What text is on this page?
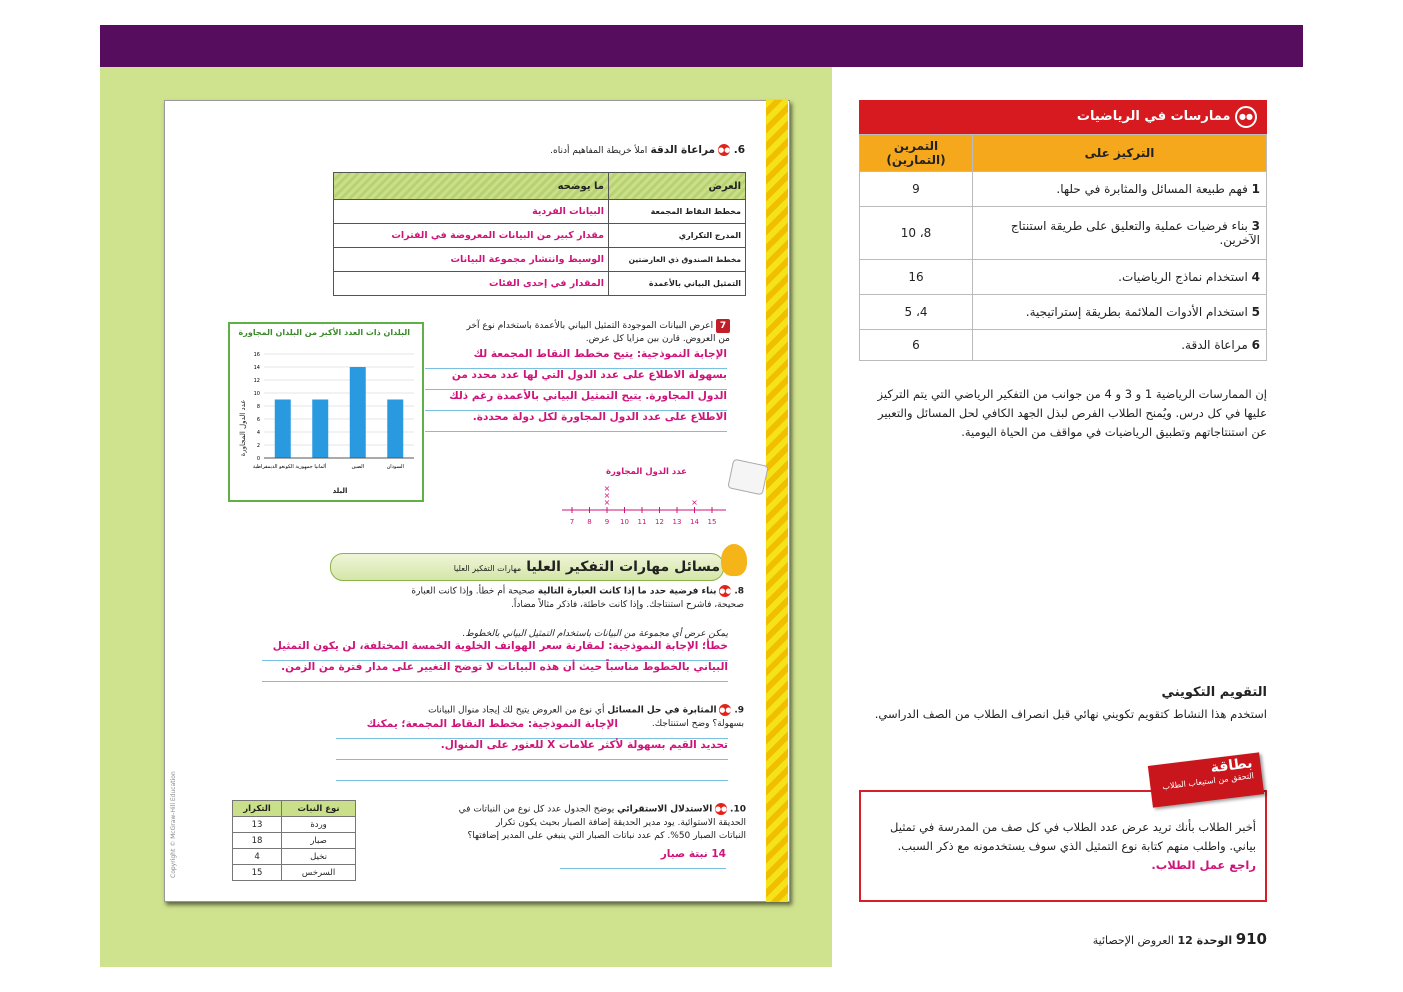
Copyright © McGraw-Hill Education
6. ●● مراعاة الدقة املأ خريطة المفاهيم أدناه.
العرض	ما يوضحه
مخطط النقاط المجمعة	البيانات الفردية
المدرج التكراري	مقدار كبير من البيانات المعروضة في الفترات
مخطط الصندوق ذي العارضتين	الوسيط وانتشار مجموعة البيانات
التمثيل البياني بالأعمدة	المقدار في إحدى الفئات
7 اعرض البيانات الموجودة التمثيل البياني بالأعمدة باستخدام نوع آخر
من العروض. قارن بين مزايا كل عرض.
الإجابة النموذجية: يتيح مخطط النقاط المجمعة لك
بسهولة الاطلاع على عدد الدول التي لها عدد محدد من
الدول المجاورة. يتيح التمثيل البياني بالأعمدة رغم ذلك
الاطلاع على عدد الدول المجاورة لكل دولة محددة.
البلدان ذات العدد الأكبر من البلدان المجاورة
0
2
4
6
8
10
12
14
16
السودان
الصين
ألمانيا
جمهورية الكونغو الديمقراطية
عدد الدول المجاورة
البلد
عدد الدول المجاورة
7 8 9 10 11 12 13 14 15
×
×
×
×
مسائل مهارات التفكير العليا مهارات التفكير العليا
8. ●● بناء فرضية حدد ما إذا كانت العبارة التالية صحيحة أم خطأ. وإذا كانت العبارة
صحيحة، فاشرح استنتاجك. وإذا كانت خاطئة، فاذكر مثالاً مضاداً.
يمكن عرض أي مجموعة من البيانات باستخدام التمثيل البياني بالخطوط.
خطأ؛ الإجابة النموذجية: لمقارنة سعر الهواتف الخلوية الخمسة المختلفة، لن يكون التمثيل
البياني بالخطوط مناسباً حيث أن هذه البيانات لا توضح التغيير على مدار فترة من الزمن.
9. ●● المثابرة في حل المسائل أي نوع من العروض يتيح لك إيجاد منوال البيانات
بسهولة؟ وضح استنتاجك.
الإجابة النموذجية: مخطط النقاط المجمعة؛ يمكنك
تحديد القيم بسهولة لأكثر علامات X للعثور على المنوال.
10. ●● الاستدلال الاستقرائي يوضح الجدول عدد كل نوع من النباتات في
الحديقة الاستوائية. يود مدير الحديقة إضافة الصبار بحيث يكون تكرار
النباتات الصبار 50%. كم عدد نباتات الصبار التي ينبغي على المدير إضافتها؟
14 نبتة صبار
نوع النبات	التكرار
وردة	13
صبار	18
نخيل	4
السرخس	15
●● ممارسات في الرياضيات
التركيز على	التمرين (التمارين)
1 فهم طبيعة المسائل والمثابرة في حلها.	9
3 بناء فرضيات عملية والتعليق على طريقة استنتاج الآخرين.	8، 10
4 استخدام نماذج الرياضيات.	16
5 استخدام الأدوات الملائمة بطريقة إستراتيجية.	4، 5
6 مراعاة الدقة.	6
إن الممارسات الرياضية 1 و 3 و 4 من جوانب من التفكير الرياضي التي يتم التركيز عليها في كل درس. ويُمنح الطلاب الفرص لبذل الجهد الكافي لحل المسائل والتعبير عن استنتاجاتهم وتطبيق الرياضيات في مواقف من الحياة اليومية.
التقويم التكويني
استخدم هذا النشاط كتقويم تكويني نهائي قبل انصراف الطلاب من الصف الدراسي.
بطاقة
التحقق من استيعاب الطلاب
أخبر الطلاب بأنك تريد عرض عدد الطلاب في كل صف من المدرسة في تمثيل بياني. واطلب منهم كتابة نوع التمثيل الذي سوف يستخدمونه مع ذكر السبب. راجع عمل الطلاب.
910 الوحدة 12 العروض الإحصائية
